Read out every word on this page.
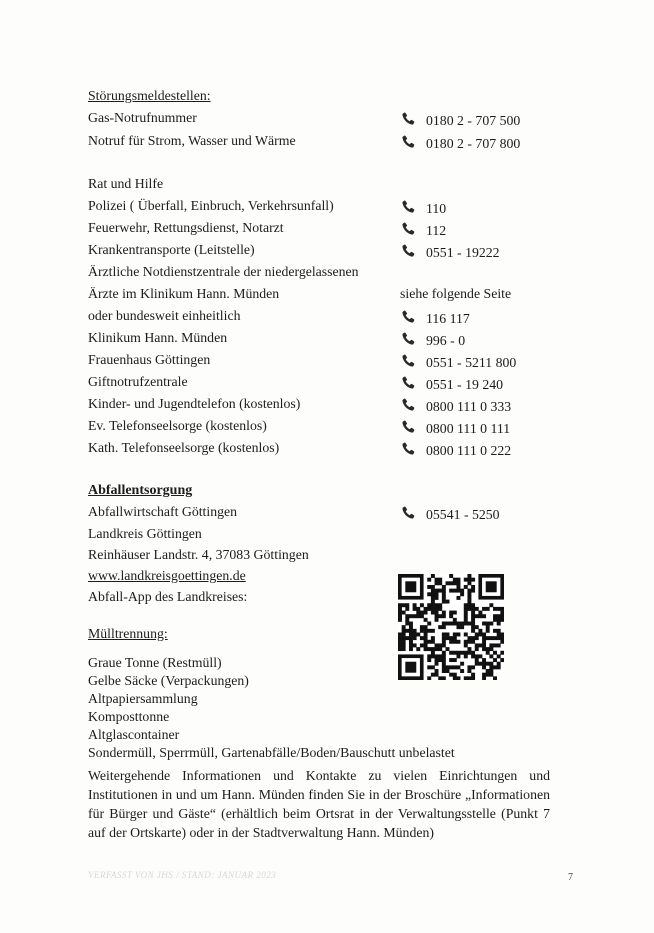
Störungsmeldestellen:
Gas-Notrufnummer	0180 2 - 707 500
Notruf für Strom, Wasser und Wärme	0180 2 - 707 800
Rat und Hilfe
Polizei ( Überfall, Einbruch, Verkehrsunfall)	110
Feuerwehr, Rettungsdienst, Notarzt	112
Krankentransporte (Leitstelle)	0551 - 19222
Ärztliche Notdienstzentrale der niedergelassenen
Ärzte im Klinikum Hann. Münden	siehe folgende Seite
oder bundesweit einheitlich	116 117
Klinikum Hann. Münden	996 - 0
Frauenhaus Göttingen	0551 - 5211 800
Giftnotrufzentrale	0551 - 19 240
Kinder- und Jugendtelefon (kostenlos)	0800 111 0 333
Ev. Telefonseelsorge (kostenlos)	0800 111 0 111
Kath. Telefonseelsorge (kostenlos)	0800 111 0 222
Abfallentsorgung
Abfallwirtschaft Göttingen	05541 - 5250
Landkreis Göttingen
Reinhäuser Landstr. 4, 37083 Göttingen
www.landkreisgoettingen.de
Abfall-App des Landkreises:
Mülltrennung:
Graue Tonne (Restmüll)
Gelbe Säcke (Verpackungen)
Altpapiersammlung
Komposttonne
Altglascontainer
Sondermüll, Sperrmüll, Gartenabfälle/Boden/Bauschutt unbelastet
Weitergehende Informationen und Kontakte zu vielen Einrichtungen und Institutionen in und um Hann. Münden finden Sie in der Broschüre „Informationen für Bürger und Gäste“ (erhältlich beim Ortsrat in der Verwaltungsstelle (Punkt 7 auf der Ortskarte) oder in der Stadtverwaltung Hann. Münden)
VERFASST VON JHS / STAND: JANUAR 2023	7
